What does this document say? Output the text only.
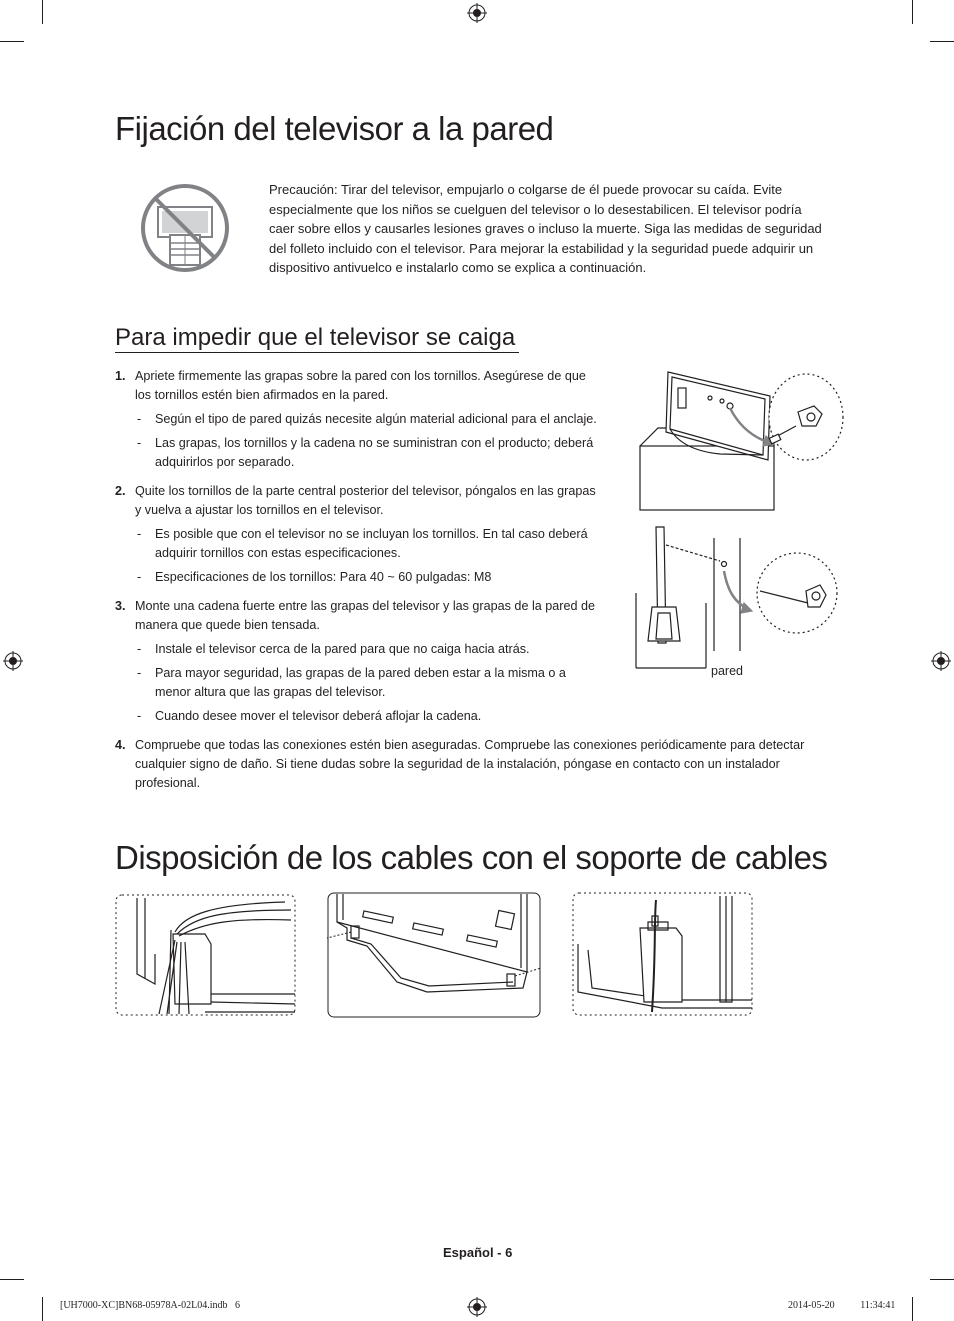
Fijación del televisor a la pared
Precaución: Tirar del televisor, empujarlo o colgarse de él puede provocar su caída. Evite especialmente que los niños se cuelguen del televisor o lo desestabilicen. El televisor podría caer sobre ellos y causarles lesiones graves o incluso la muerte. Siga las medidas de seguridad del folleto incluido con el televisor. Para mejorar la estabilidad y la seguridad puede adquirir un dispositivo antivuelco e instalarlo como se explica a continuación.
Para impedir que el televisor se caiga
1. Apriete firmemente las grapas sobre la pared con los tornillos. Asegúrese de que
los tornillos estén bien afirmados en la pared.
- Según el tipo de pared quizás necesite algún material adicional para el anclaje.
- Las grapas, los tornillos y la cadena no se suministran con el producto; deberá
adquirirlos por separado.
2. Quite los tornillos de la parte central posterior del televisor, póngalos en las grapas
y vuelva a ajustar los tornillos en el televisor.
- Es posible que con el televisor no se incluyan los tornillos. En tal caso deberá
adquirir tornillos con estas especificaciones.
- Especificaciones de los tornillos: Para 40 ~ 60 pulgadas: M8
3. Monte una cadena fuerte entre las grapas del televisor y las grapas de la pared de
manera que quede bien tensada.
- Instale el televisor cerca de la pared para que no caiga hacia atrás.
- Para mayor seguridad, las grapas de la pared deben estar a la misma o a
menor altura que las grapas del televisor.
- Cuando desee mover el televisor deberá aflojar la cadena.
4. Compruebe que todas las conexiones estén bien aseguradas. Compruebe las conexiones periódicamente para detectar
cualquier signo de daño. Si tiene dudas sobre la seguridad de la instalación, póngase en contacto con un instalador
profesional.
pared
Disposición de los cables con el soporte de cables
Español - 6
[UH7000-XC]BN68-05978A-02L04.indb   6	2014-05-20   ￿￿ 11:34:41
